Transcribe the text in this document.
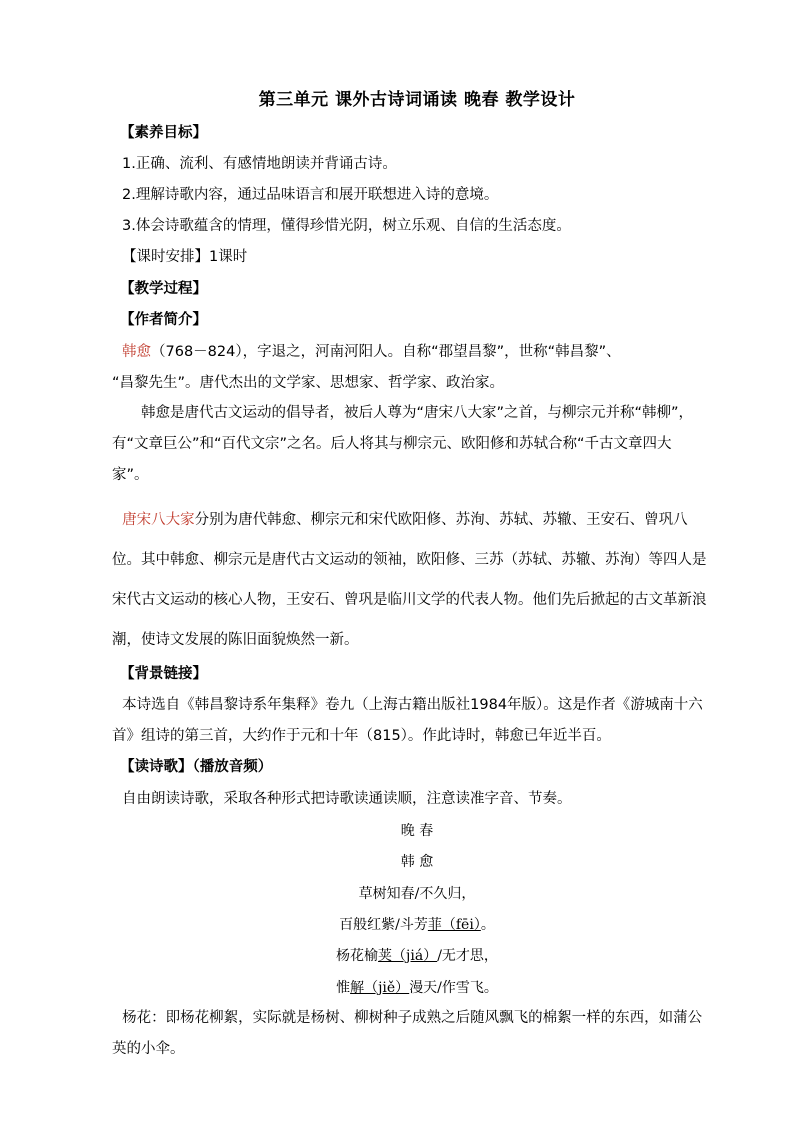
第三单元 课外古诗词诵读 晚春 教学设计
【素养目标】
1.正确、流利、有感情地朗读并背诵古诗。
2.理解诗歌内容，通过品味语言和展开联想进入诗的意境。
3.体会诗歌蕴含的情理，懂得珍惜光阴，树立乐观、自信的生活态度。
【课时安排】1课时
【教学过程】
【作者简介】
韩愈（768－824），字退之，河南河阳人。自称“郡望昌黎”，世称“韩昌黎”、
“昌黎先生”。唐代杰出的文学家、思想家、哲学家、政治家。
韩愈是唐代古文运动的倡导者，被后人尊为“唐宋八大家”之首，与柳宗元并称“韩柳”，有“文章巨公”和“百代文宗”之名。后人将其与柳宗元、欧阳修和苏轼合称“千古文章四大家”。
唐宋八大家分别为唐代韩愈、柳宗元和宋代欧阳修、苏洵、苏轼、苏辙、王安石、曾巩八位。其中韩愈、柳宗元是唐代古文运动的领袖，欧阳修、三苏（苏轼、苏辙、苏洵）等四人是宋代古文运动的核心人物，王安石、曾巩是临川文学的代表人物。他们先后掀起的古文革新浪潮，使诗文发展的陈旧面貌焕然一新。
【背景链接】
本诗选自《韩昌黎诗系年集释》卷九（上海古籍出版社1984年版）。这是作者《游城南十六首》组诗的第三首，大约作于元和十年（815）。作此诗时，韩愈已年近半百。
【读诗歌】（播放音频）
自由朗读诗歌，采取各种形式把诗歌读通读顺，注意读准字音、节奏。
晚 春
韩 愈
草树知春/不久归，
百般红紫/斗芳菲（fēi）。
杨花榆荚（jiá）/无才思，
惟解（jiě）漫天/作雪飞。
杨花：即杨花柳絮，实际就是杨树、柳树种子成熟之后随风飘飞的棉絮一样的东西，如蒲公英的小伞。
